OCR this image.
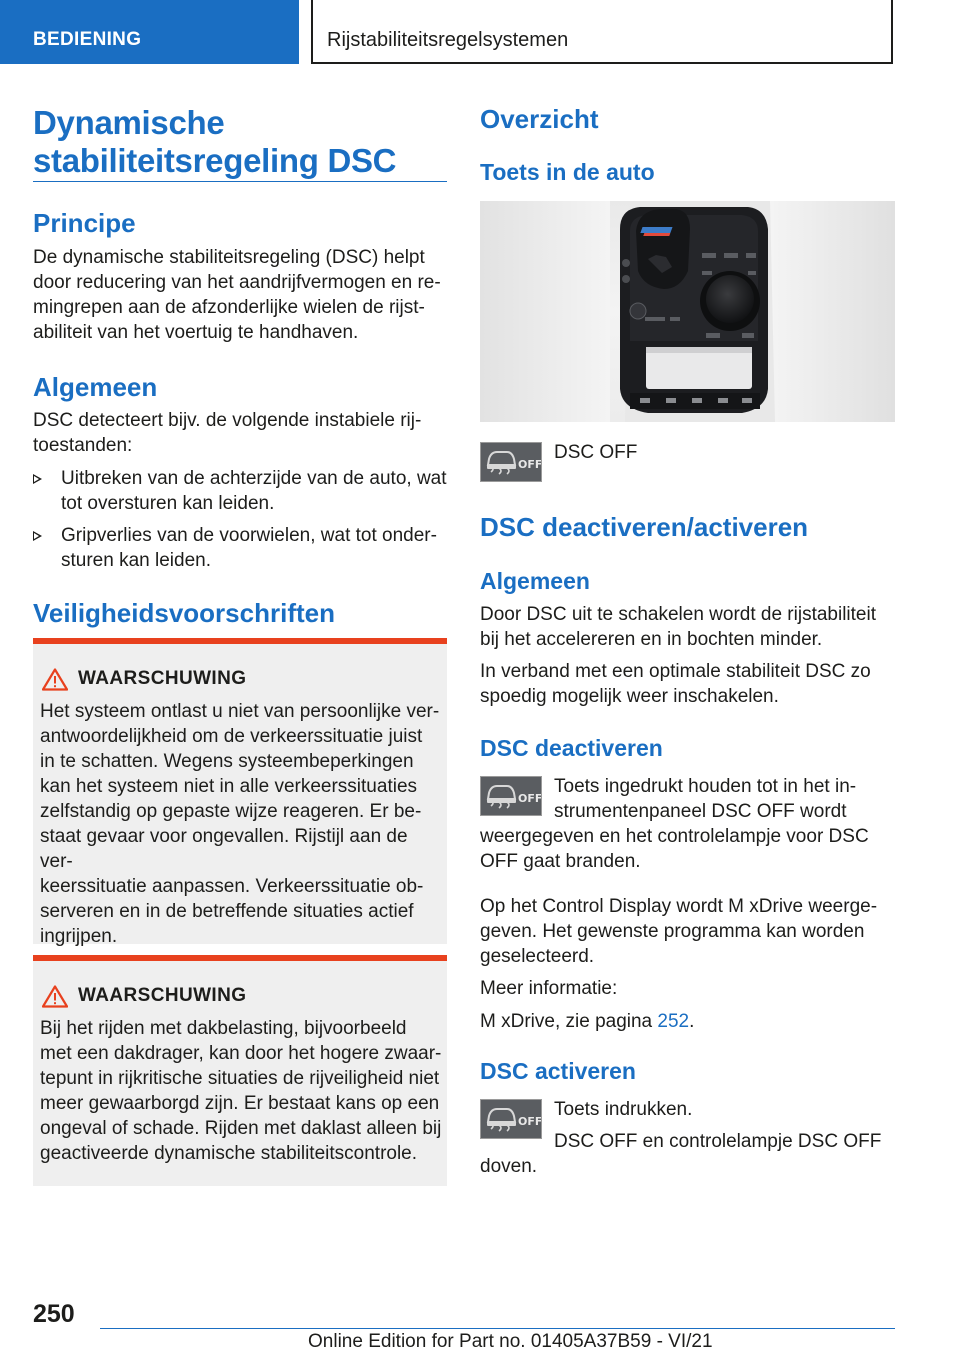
BEDIENING	Rijstabiliteitsregelsystemen
Dynamische
stabiliteitsregeling DSC
Principe

De dynamische stabiliteitsregeling (DSC) helpt
door reducering van het aandrijfvermogen en re-
mingrepen aan de afzonderlijke wielen de rijst-
abiliteit van het voertuig te handhaven.

Algemeen

DSC detecteert bijv. de volgende instabiele rij-
toestanden:

Uitbreken van de achterzijde van de auto, wat
tot oversturen kan leiden.
Gripverlies van de voorwielen, wat tot onder-
sturen kan leiden.
Veiligheidsvoorschriften
WAARSCHUWING

Het systeem ontlast u niet van persoonlijke ver-
antwoordelijkheid om de verkeerssituatie juist
in te schatten. Wegens systeembeperkingen
kan het systeem niet in alle verkeerssituaties
zelfstandig op gepaste wijze reageren. Er be-
staat gevaar voor ongevallen. Rijstijl aan de ver-
keerssituatie aanpassen. Verkeerssituatie ob-
serveren en in de betreffende situaties actief
ingrijpen.

WAARSCHUWING

Bij het rijden met dakbelasting, bijvoorbeeld
met een dakdrager, kan door het hogere zwaar-
tepunt in rijkritische situaties de rijveiligheid niet
meer gewaarborgd zijn. Er bestaat kans op een
ongeval of schade. Rijden met daklast alleen bij
geactiveerde dynamische stabiliteitscontrole.

Overzicht
Toets in de auto
OFF

DSC OFF

DSC deactiveren/activeren
Algemeen

Door DSC uit te schakelen wordt de rijstabiliteit
bij het accelereren en in bochten minder.

In verband met een optimale stabiliteit DSC zo
spoedig mogelijk weer inschakelen.

DSC deactiveren
OFF

Toets ingedrukt houden tot in het in-
strumentenpaneel DSC OFF wordt

weergegeven en het controlelampje voor DSC
OFF gaat branden.

Op het Control Display wordt M xDrive weerge-
geven. Het gewenste programma kan worden
geselecteerd.

Meer informatie:

M xDrive, zie pagina 252.

DSC activeren
OFF

Toets indrukken.

DSC OFF en controlelampje DSC OFF

doven.

250
Online Edition for Part no. 01405A37B59 - VI/21
